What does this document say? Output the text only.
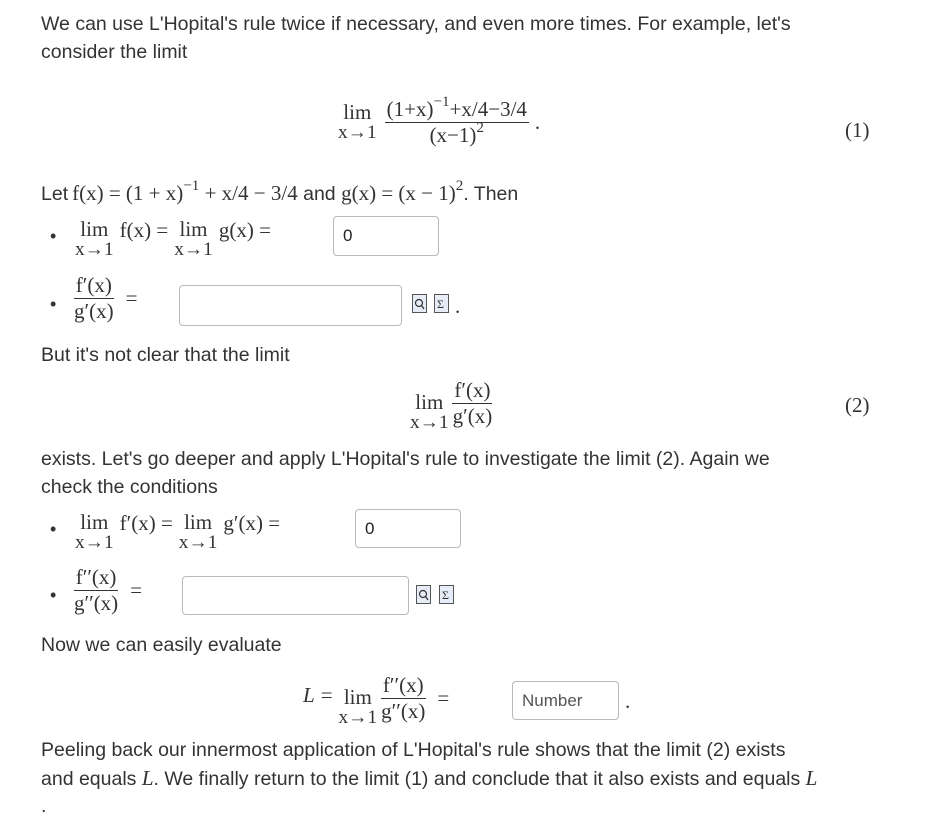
We can use L'Hopital's rule twice if necessary, and even more times. For example, let's
consider the limit
lim
$x\to 1 \frac{(1+x)^{-1}+x/4-3/4}{(x-1)^2}$ .	(1)
Let $f(x) = (1 + x)^{-1} + x/4 - 3/4$ and $g(x) = (x - 1)^2$ . Then
• lim
x→1
f(x) = lim
x→1
g(x) =	0
• $\frac{f'(x)}{g'(x)}$ =	Σ .
But it's not clear that the limit
lim
$x\to 1 \frac{f'(x)}{g'(x)}$	(2)
exists. Let's go deeper and apply L'Hopital's rule to investigate the limit (2). Again we
check the conditions
• lim
x→1
f′(x) = lim
x→1
g′(x) =	0
• $\frac{f''(x)}{g''(x)}$ =	Σ
Now we can easily evaluate
L = lim
$x\to 1 \frac{f''(x)}{g''(x)}$ =	Number .
Peeling back our innermost application of L'Hopital's rule shows that the limit (2) exists
and equals L. We finally return to the limit (1) and conclude that it also exists and equals L
.
